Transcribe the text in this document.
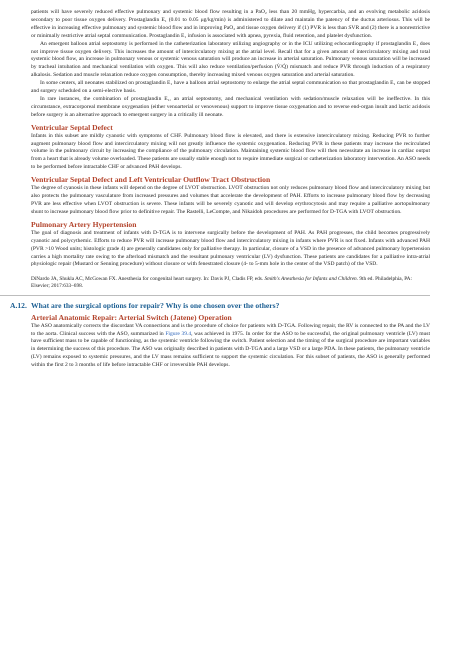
patients will have severely reduced effective pulmonary and systemic blood flow resulting in a PaO₂ less than 20 mmHg, hypercarbia, and an evolving metabolic acidosis secondary to poor tissue oxygen delivery. Prostaglandin E₁ (0.01 to 0.05 μg/kg/min) is administered to dilate and maintain the patency of the ductus arteriosus. This will be effective in increasing effective pulmonary and systemic blood flow and in improving PaO₂ and tissue oxygen delivery if (1) PVR is less than SVR and (2) there is a nonrestrictive or minimally restrictive atrial septal communication. Prostaglandin E₁ infusion is associated with apnea, pyrexia, fluid retention, and platelet dysfunction.

An emergent balloon atrial septostomy is performed in the catheterization laboratory utilizing angiography or in the ICU utilizing echocardiography if prostaglandin E₁ does not improve tissue oxygen delivery. This increases the amount of intercirculatory mixing at the atrial level. Recall that for a given amount of intercirculatory mixing and total systemic blood flow, an increase in pulmonary venous or systemic venous saturation will produce an increase in arterial saturation. Pulmonary venous saturation will be increased by tracheal intubation and mechanical ventilation with oxygen. This will also reduce ventilation/perfusion (V̇/Q̇) mismatch and reduce PVR through induction of a respiratory alkalosis. Sedation and muscle relaxation reduce oxygen consumption, thereby increasing mixed venous oxygen saturation and arterial saturation.

In some centers, all neonates stabilized on prostaglandin E₁ have a balloon atrial septostomy to enlarge the atrial septal communication so that prostaglandin E₁ can be stopped and surgery scheduled on a semi-elective basis.

In rare instances, the combination of prostaglandin E₁, an atrial septostomy, and mechanical ventilation with sedation/muscle relaxation will be ineffective. In this circumstance, extracorporeal membrane oxygenation (either venoarterial or venovenous) support to improve tissue oxygenation and to reverse end-organ insult and lactic acidosis before surgery is an alternative approach to emergent surgery in a critically ill neonate.

Ventricular Septal Defect

Infants in this subset are mildly cyanotic with symptoms of CHF. Pulmonary blood flow is elevated, and there is extensive intercirculatory mixing. Reducing PVR to further augment pulmonary blood flow and intercirculatory mixing will not greatly influence the systemic oxygenation. Reducing PVR in these patients may increase the recirculated volume in the pulmonary circuit by increasing the compliance of the pulmonary circulation. Maintaining systemic blood flow will then necessitate an increase in cardiac output from a heart that is already volume overloaded. These patients are usually stable enough not to require immediate surgical or catheterization laboratory intervention. An ASO needs to be performed before intractable CHF or advanced PAH develops.

Ventricular Septal Defect and Left Ventricular Outflow Tract Obstruction

The degree of cyanosis in these infants will depend on the degree of LVOT obstruction. LVOT obstruction not only reduces pulmonary blood flow and intercirculatory mixing but also protects the pulmonary vasculature from increased pressures and volumes that accelerate the development of PAH. Efforts to increase pulmonary blood flow by decreasing PVR are less effective when LVOT obstruction is severe. These infants will be severely cyanotic and will develop erythrocytosis and may require a palliative aortopulmonary shunt to increase pulmonary blood flow prior to definitive repair. The Rastelli, LeCompte, and Nikaidoh procedures are performed for D-TGA with LVOT obstruction.

Pulmonary Artery Hypertension

The goal of diagnosis and treatment of infants with D-TGA is to intervene surgically before the development of PAH. As PAH progresses, the child becomes progressively cyanotic and polycythemic. Efforts to reduce PVR will increase pulmonary blood flow and intercirculatory mixing in infants where PVR is not fixed. Infants with advanced PAH (PVR >10 Wood units; histologic grade 4) are generally candidates only for palliative therapy. In particular, closure of a VSD in the presence of advanced pulmonary hypertension carries a high mortality rate owing to the afterload mismatch and the resultant pulmonary ventricular (LV) dysfunction. These patients are candidates for a palliative intra-atrial physiologic repair (Mustard or Senning procedure) without closure or with fenestrated closure (4- to 5-mm hole in the center of the VSD patch) of the VSD.

DiNardo JA, Shukla AC, McGowan FX. Anesthesia for congenital heart surgery. In: Davis PJ, Cladis FP, eds. Smith's Anesthesia for Infants and Children. 9th ed. Philadelphia, PA: Elsevier; 2017:633–698.

A.12. What are the surgical options for repair? Why is one chosen over the others?
Arterial Anatomic Repair: Arterial Switch (Jatene) Operation

The ASO anatomically corrects the discordant VA connections and is the procedure of choice for patients with D-TGA. Following repair, the RV is connected to the PA and the LV to the aorta. Clinical success with the ASO, summarized in Figure 39.4, was achieved in 1975. In order for the ASO to be successful, the original pulmonary ventricle (LV) must have sufficient mass to be capable of functioning, as the systemic ventricle following the switch. Patient selection and the timing of the surgical procedure are important variables in determining the success of this procedure. The ASO was originally described in patients with D-TGA and a large VSD or a large PDA. In these patients, the pulmonary ventricle (LV) remains exposed to systemic pressures, and the LV mass remains sufficient to support the systemic circulation. For this subset of patients, the ASO is generally performed within the first 2 to 3 months of life before intractable CHF or irreversible PAH develops.
